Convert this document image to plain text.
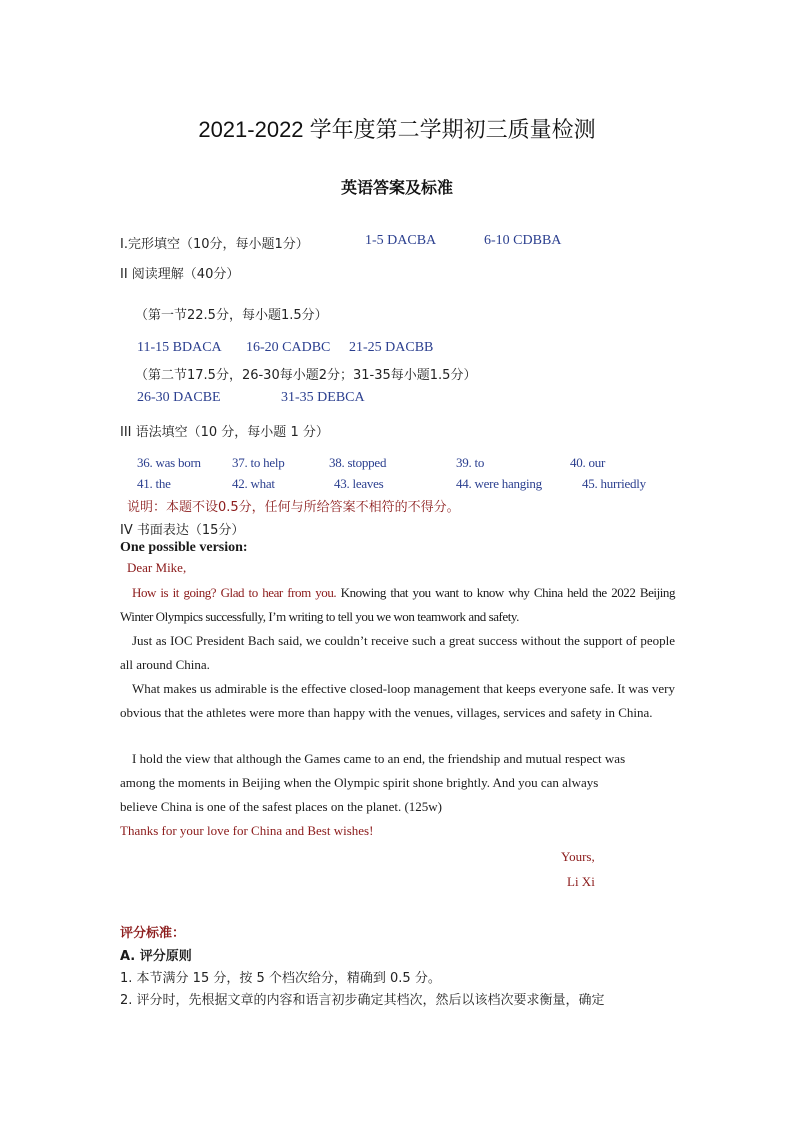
2021-2022 学年度第二学期初三质量检测
英语答案及标准
I.完形填空（10分，每小题1分）	1-5 DACBA	6-10 CDBBA
II 阅读理解（40分）
（第一节22.5分，每小题1.5分）
11-15 BDACA 16-20 CADBC 21-25 DACBB
（第二节17.5分，26-30每小题2分；31-35每小题1.5分）
26-30 DACBE	31-35 DEBCA
III 语法填空（10 分，每小题 1 分）
36. was born 37. to help	38. stopped	39. to	40. our
41. the	42. what	43. leaves	44. were hanging	45. hurriedly
说明：本题不设0.5分，任何与所给答案不相符的不得分。
IV 书面表达（15分）
One possible version:
Dear Mike,

How is it going? Glad to hear from you. Knowing that you want to know why China held the 2022 Beijing Winter Olympics successfully, I’m writing to tell you we won teamwork and safety.

Just as IOC President Bach said, we couldn’t receive such a great success without the support of people all around China.

What makes us admirable is the effective closed-loop management that keeps everyone safe. It was very obvious that the athletes were more than happy with the venues, villages, services and safety in China.

I hold the view that although the Games came to an end, the friendship and mutual respect was
among the moments in Beijing when the Olympic spirit shone brightly. And you can always
believe China is one of the safest places on the planet. (125w)
Thanks for your love for China and Best wishes!
Yours,
Li Xi
评分标准：
A. 评分原则
1. 本节满分 15 分，按 5 个档次给分，精确到 0.5 分。
2. 评分时，先根据文章的内容和语言初步确定其档次，然后以该档次要求衡量，确定
